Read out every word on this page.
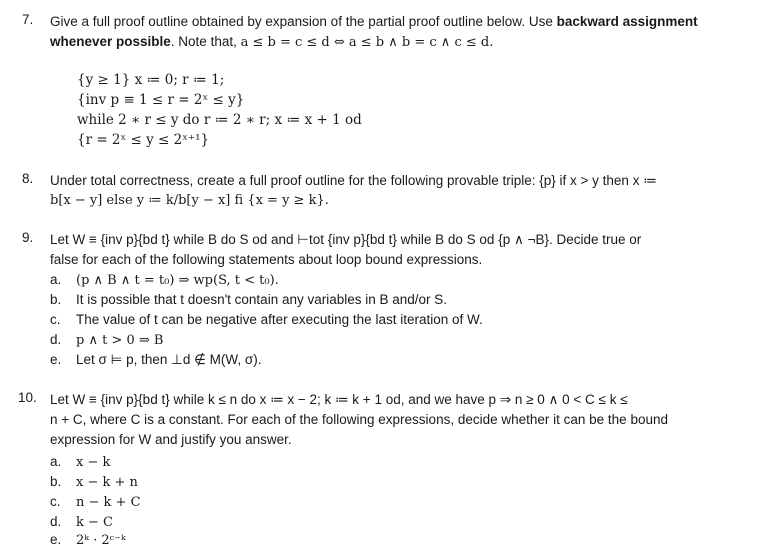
7.	Give a full proof outline obtained by expansion of the partial proof outline below. Use backward assignment
whenever possible. Note that, a ≤ b = c ≤ d ⇔ a ≤ b ∧ b = c ∧ c ≤ d.
{y ≥ 1} x ≔ 0; r ≔ 1;
{inv p ≡ 1 ≤ r = 2ˣ ≤ y}
while 2 ∗ r ≤ y do r ≔ 2 ∗ r; x ≔ x + 1 od
{r = 2ˣ ≤ y ≤ 2ˣ⁺¹}
8.	Under total correctness, create a full proof outline for the following provable triple: {p} if x > y then x ≔
b[x − y] else y ≔ k/b[y − x] fi {x = y ≥ k}.
9.	Let W ≡ {inv p}{bd t} while B do S od and ⊢tot {inv p}{bd t} while B do S od {p ∧ ¬B}. Decide true or
false for each of the following statements about loop bound expressions.
a. (p ∧ B ∧ t = t₀) ⇒ wp(S, t < t₀).
b. It is possible that t doesn't contain any variables in B and/or S.
c. The value of t can be negative after executing the last iteration of W.
d. p ∧ t > 0 ⇒ B
e. Let σ ⊨ p, then ⊥d ∉ M(W, σ).
10. Let W ≡ {inv p}{bd t} while k ≤ n do x ≔ x − 2; k ≔ k + 1 od, and we have p ⇒ n ≥ 0 ∧ 0 < C ≤ k ≤
n + C, where C is a constant. For each of the following expressions, decide whether it can be the bound
expression for W and justify you answer.
a. x − k
b. x − k + n
c. n − k + C
d. k − C
e. 2ᵏ · 2ᶜ⁻ᵏ
